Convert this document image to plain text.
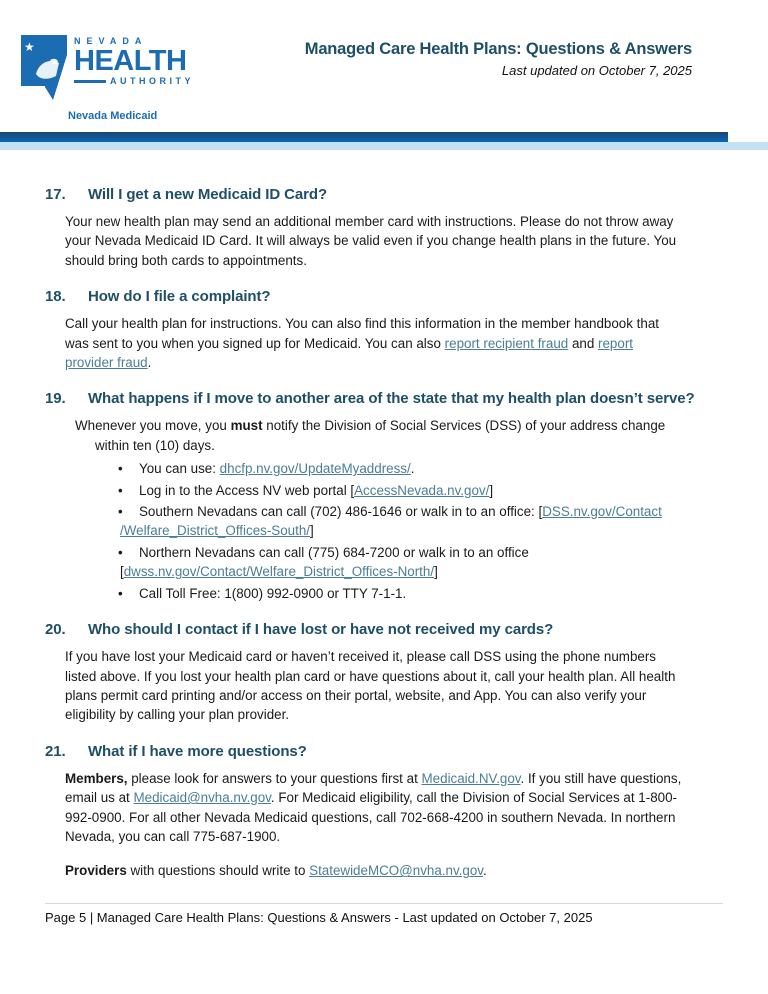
★	NEVADA
HEALTH
AUTHORITY
Nevada Medicaid
Managed Care Health Plans: Questions & Answers
Last updated on October 7, 2025
17. Will I get a new Medicaid ID Card?
Your new health plan may send an additional member card with instructions. Please do not throw away your Nevada Medicaid ID Card. It will always be valid even if you change health plans in the future. You should bring both cards to appointments.
18. How do I file a complaint?
Call your health plan for instructions. You can also find this information in the member handbook that was sent to you when you signed up for Medicaid. You can also report recipient fraud and report provider fraud.
19. What happens if I move to another area of the state that my health plan doesn’t serve?
Whenever you move, you must notify the Division of Social Services (DSS) of your address change within ten (10) days.
• You can use: dhcfp.nv.gov/UpdateMyaddress/.
• Log in to the Access NV web portal [AccessNevada.nv.gov/]
• Southern Nevadans can call (702) 486-1646 or walk in to an office: [DSS.nv.gov/Contact /Welfare_District_Offices-South/]
• Northern Nevadans can call (775) 684-7200 or walk in to an office [dwss.nv.gov/Contact/Welfare_District_Offices-North/]
• Call Toll Free: 1(800) 992-0900 or TTY 7-1-1.
20. Who should I contact if I have lost or have not received my cards?
If you have lost your Medicaid card or haven’t received it, please call DSS using the phone numbers listed above. If you lost your health plan card or have questions about it, call your health plan. All health plans permit card printing and/or access on their portal, website, and App. You can also verify your eligibility by calling your plan provider.
21. What if I have more questions?
Members, please look for answers to your questions first at Medicaid.NV.gov. If you still have questions, email us at Medicaid@nvha.nv.gov. For Medicaid eligibility, call the Division of Social Services at 1-800-992-0900. For all other Nevada Medicaid questions, call 702-668-4200 in southern Nevada. In northern Nevada, you can call 775-687-1900.
Providers with questions should write to StatewideMCO@nvha.nv.gov.
Page 5 | Managed Care Health Plans: Questions & Answers - Last updated on October 7, 2025
